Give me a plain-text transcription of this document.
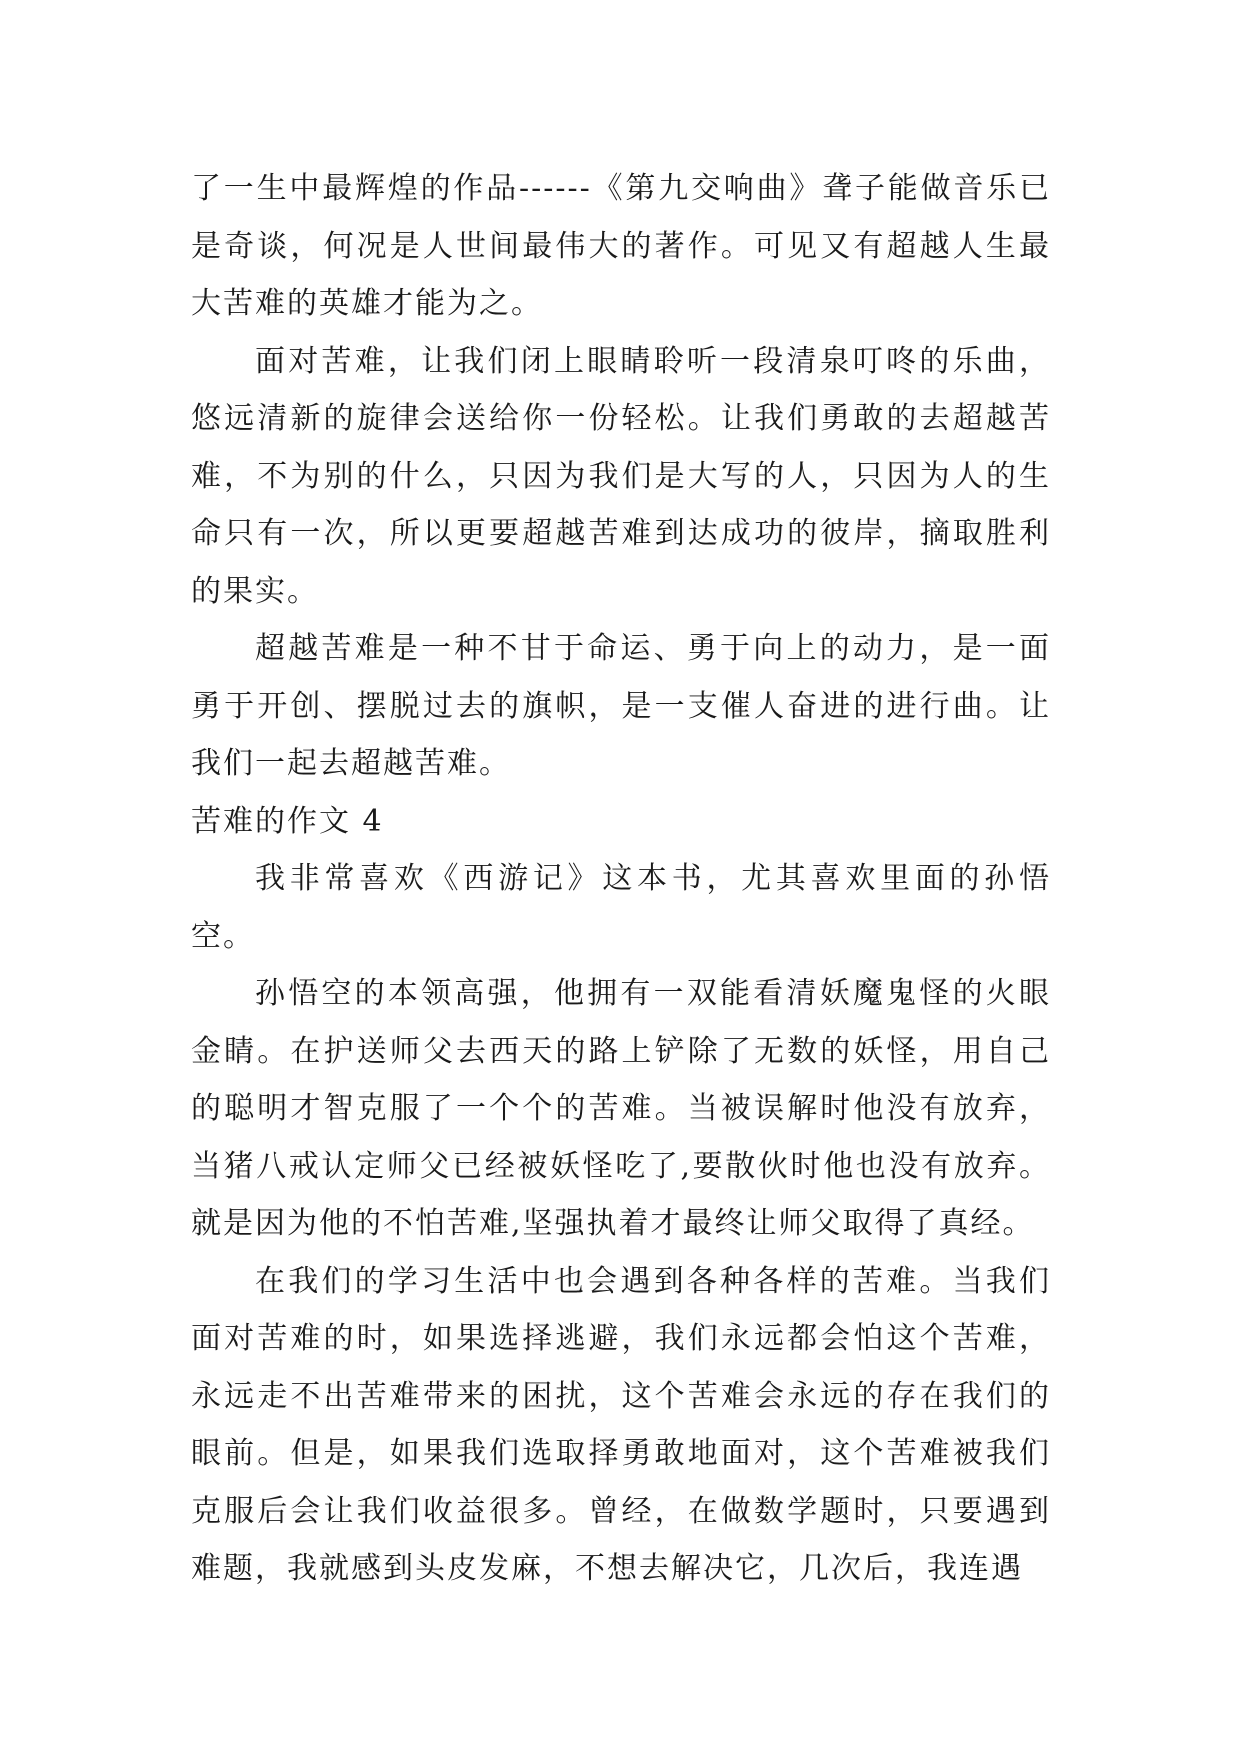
了一生中最辉煌的作品------《第九交响曲》聋子能做音乐已是奇谈，何况是人世间最伟大的著作。可见又有超越人生最大苦难的英雄才能为之。

面对苦难，让我们闭上眼睛聆听一段清泉叮咚的乐曲，悠远清新的旋律会送给你一份轻松。让我们勇敢的去超越苦难，不为别的什么，只因为我们是大写的人，只因为人的生命只有一次，所以更要超越苦难到达成功的彼岸，摘取胜利的果实。

超越苦难是一种不甘于命运、勇于向上的动力，是一面勇于开创、摆脱过去的旗帜，是一支催人奋进的进行曲。让我们一起去超越苦难。

苦难的作文 4

我非常喜欢《西游记》这本书，尤其喜欢里面的孙悟空。

孙悟空的本领高强，他拥有一双能看清妖魔鬼怪的火眼金睛。在护送师父去西天的路上铲除了无数的妖怪，用自己的聪明才智克服了一个个的苦难。当被误解时他没有放弃，当猪八戒认定师父已经被妖怪吃了,要散伙时他也没有放弃。就是因为他的不怕苦难,坚强执着才最终让师父取得了真经。

在我们的学习生活中也会遇到各种各样的苦难。当我们面对苦难的时，如果选择逃避，我们永远都会怕这个苦难，永远走不出苦难带来的困扰，这个苦难会永远的存在我们的眼前。但是，如果我们选取择勇敢地面对，这个苦难被我们克服后会让我们收益很多。曾经，在做数学题时，只要遇到难题，我就感到头皮发麻，不想去解决它，几次后，我连遇
